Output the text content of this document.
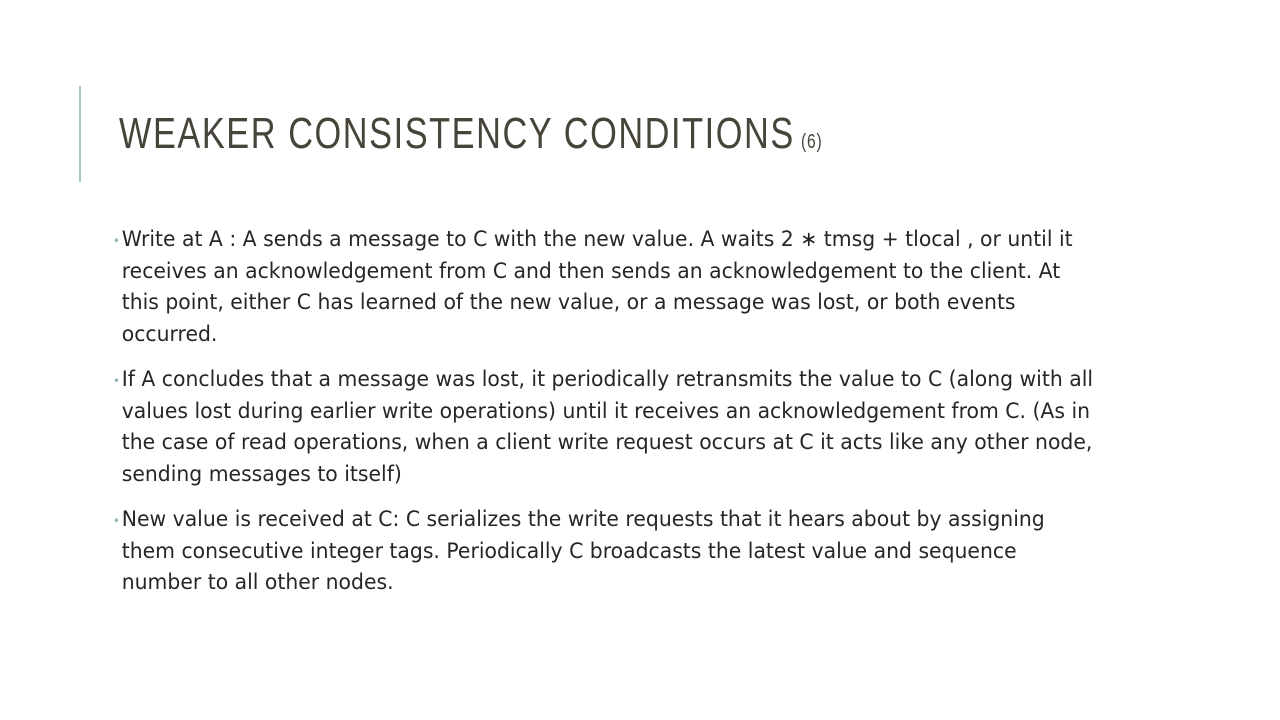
WEAKER CONSISTENCY CONDITIONS (6)
• Write at A : A sends a message to C with the new value. A waits 2 ∗ tmsg + tlocal , or until it receives an acknowledgement from C and then sends an acknowledgement to the client. At this point, either C has learned of the new value, or a message was lost, or both events occurred.
• If A concludes that a message was lost, it periodically retransmits the value to C (along with all values lost during earlier write operations) until it receives an acknowledgement from C. (As in the case of read operations, when a client write request occurs at C it acts like any other node, sending messages to itself)
• New value is received at C: C serializes the write requests that it hears about by assigning them consecutive integer tags. Periodically C broadcasts the latest value and sequence number to all other nodes.
